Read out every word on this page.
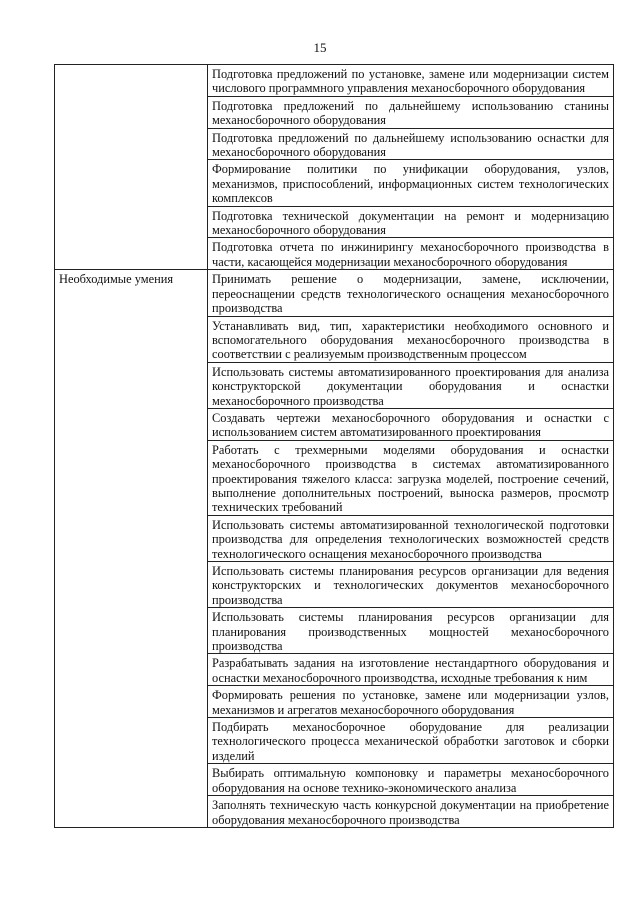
15
	Подготовка предложений по установке, замене или модернизации систем числового программного управления механосборочного оборудования
	Подготовка предложений по дальнейшему использованию станины механосборочного оборудования
	Подготовка предложений по дальнейшему использованию оснастки для механосборочного оборудования
	Формирование политики по унификации оборудования, узлов, механизмов, приспособлений, информационных систем технологических комплексов
	Подготовка технической документации на ремонт и модернизацию механосборочного оборудования
	Подготовка отчета по инжинирингу механосборочного производства в части, касающейся модернизации механосборочного оборудования
Необходимые умения	Принимать решение о модернизации, замене, исключении, переоснащении средств технологического оснащения механосборочного производства
	Устанавливать вид, тип, характеристики необходимого основного и вспомогательного оборудования механосборочного производства в соответствии с реализуемым производственным процессом
	Использовать системы автоматизированного проектирования для анализа конструкторской документации оборудования и оснастки механосборочного производства
	Создавать чертежи механосборочного оборудования и оснастки с использованием систем автоматизированного проектирования
	Работать с трехмерными моделями оборудования и оснастки механосборочного производства в системах автоматизированного проектирования тяжелого класса: загрузка моделей, построение сечений, выполнение дополнительных построений, выноска размеров, просмотр технических требований
	Использовать системы автоматизированной технологической подготовки производства для определения технологических возможностей средств технологического оснащения механосборочного производства
	Использовать системы планирования ресурсов организации для ведения конструкторских и технологических документов механосборочного производства
	Использовать системы планирования ресурсов организации для планирования производственных мощностей механосборочного производства
	Разрабатывать задания на изготовление нестандартного оборудования и оснастки механосборочного производства, исходные требования к ним
	Формировать решения по установке, замене или модернизации узлов, механизмов и агрегатов механосборочного оборудования
	Подбирать механосборочное оборудование для реализации технологического процесса механической обработки заготовок и сборки изделий
	Выбирать оптимальную компоновку и параметры механосборочного оборудования на основе технико-экономического анализа
	Заполнять техническую часть конкурсной документации на приобретение оборудования механосборочного производства
